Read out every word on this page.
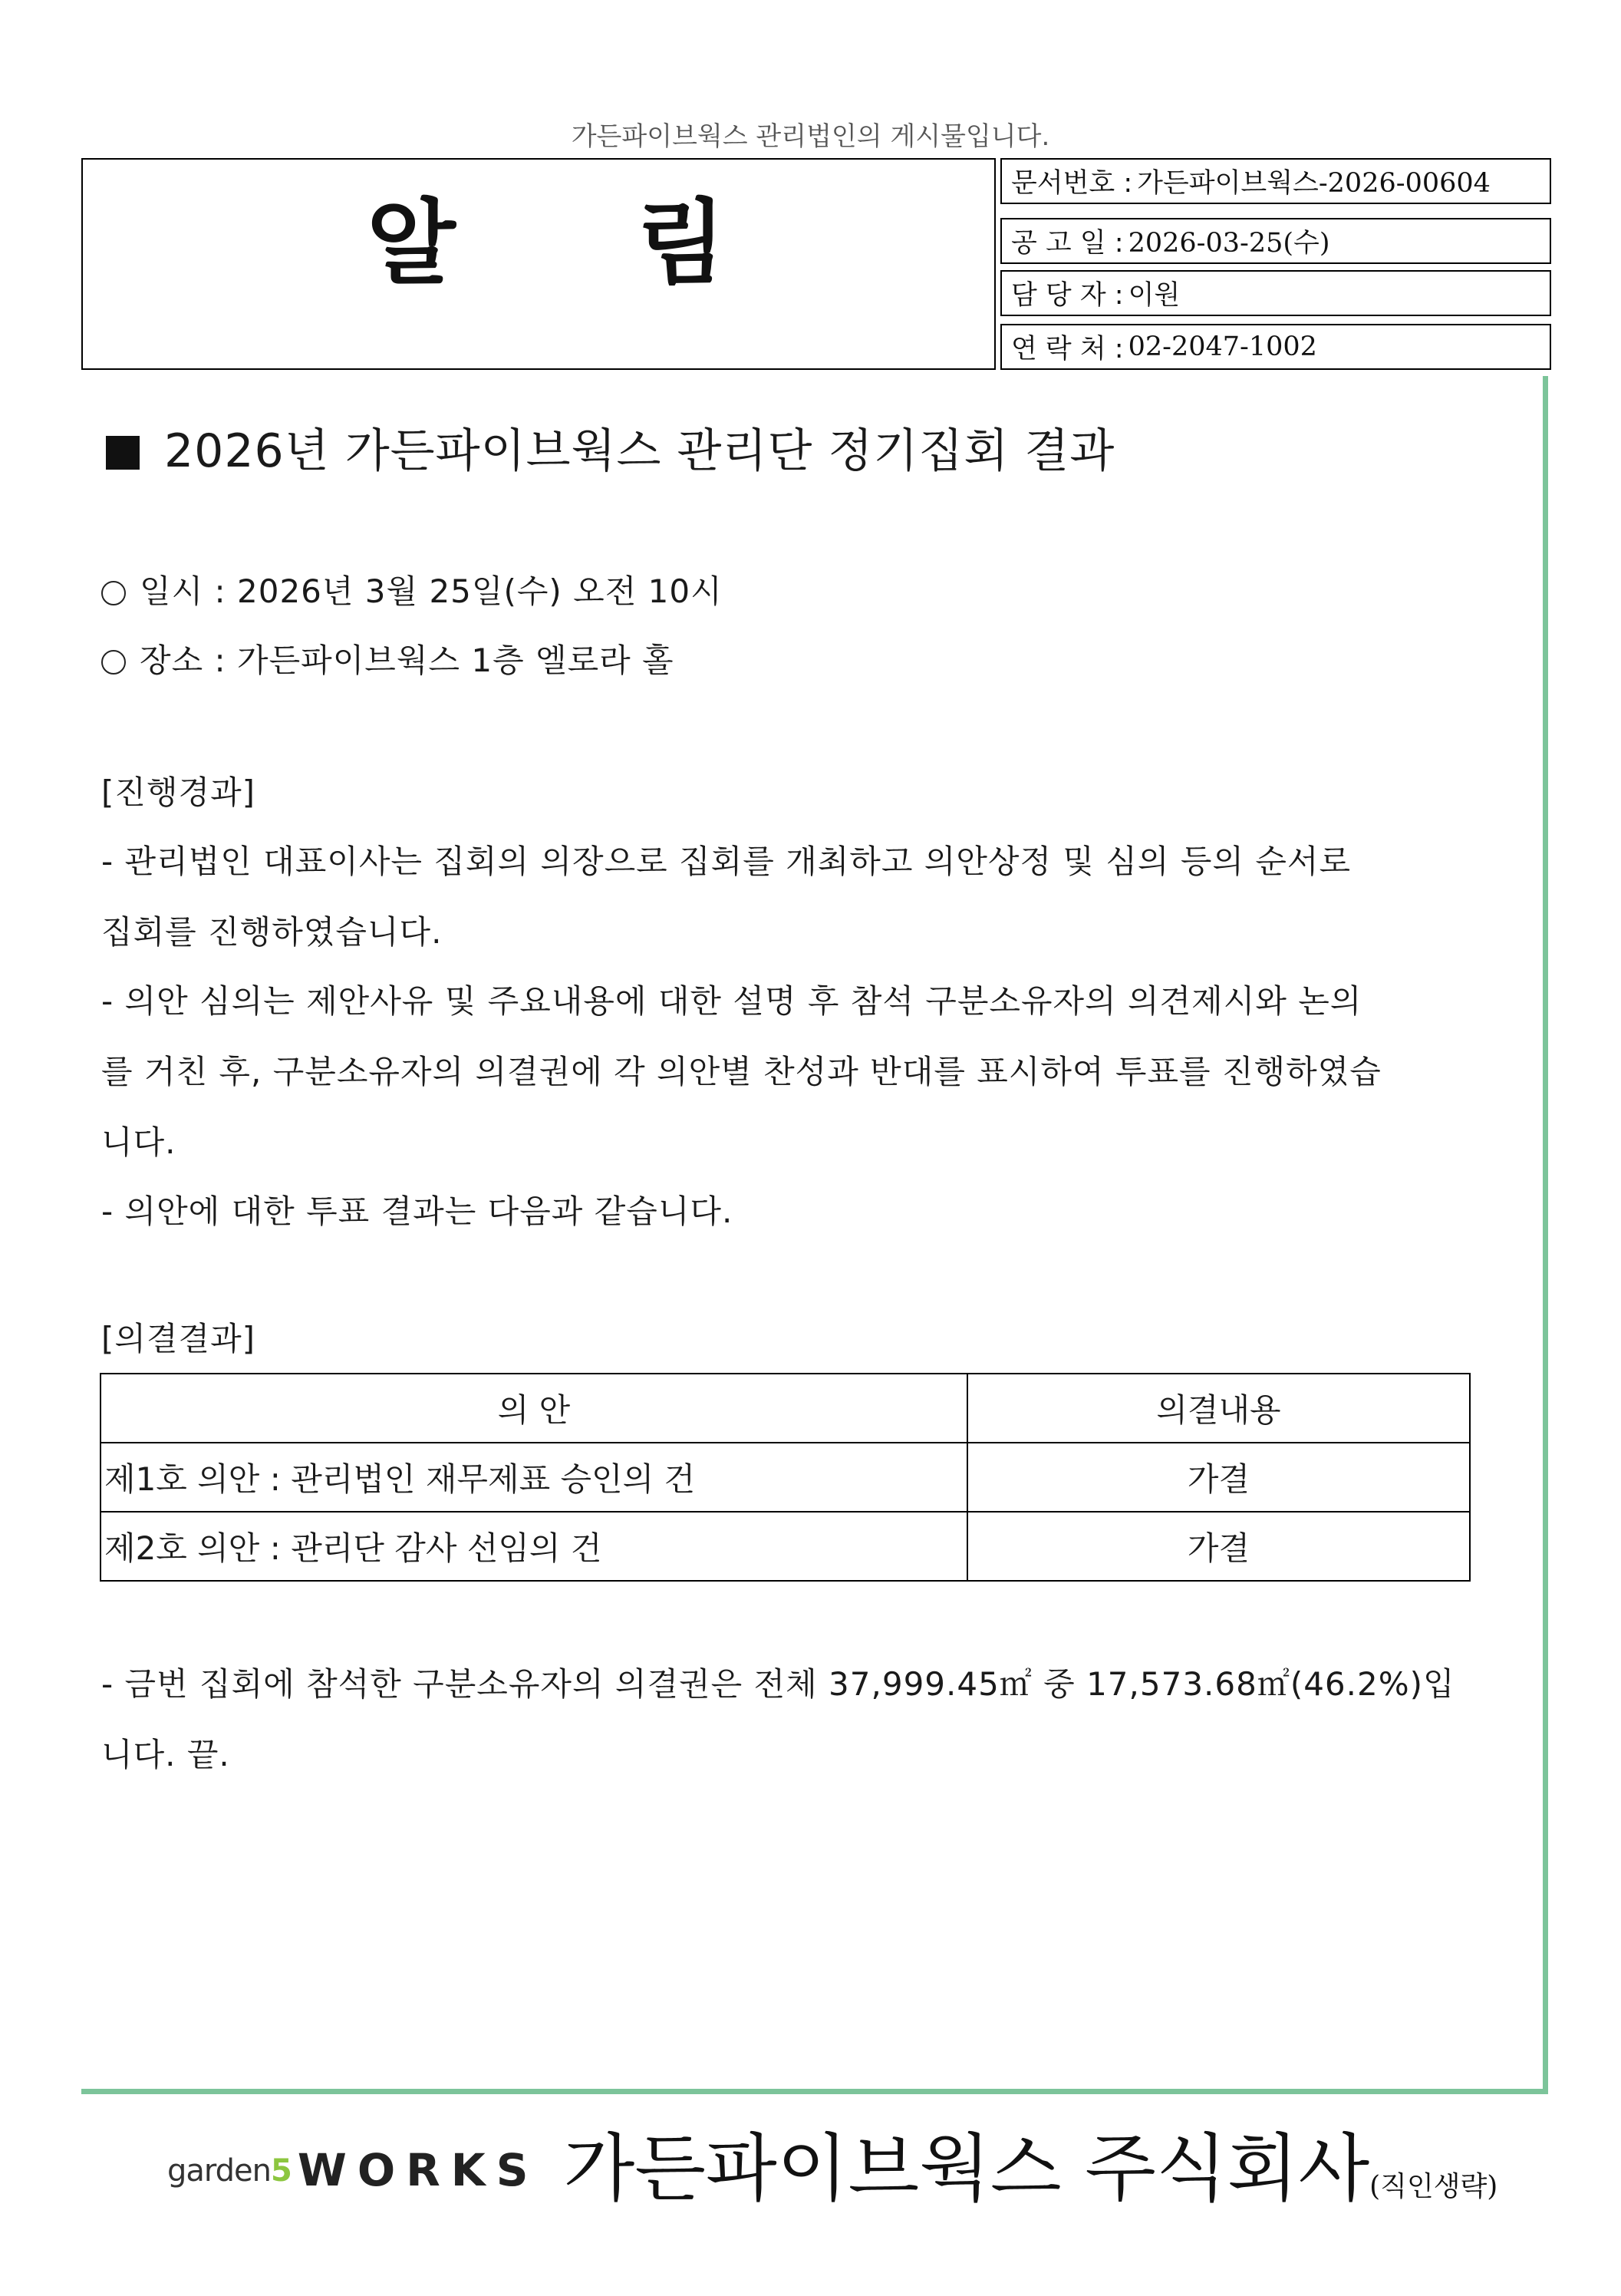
가든파이브웍스 관리법인의 게시물입니다.
알 림
문서번호 : 가든파이브웍스-2026-00604
공 고 일 : 2026-03-25(수)
담 당 자 : 이원
연 락 처 : 02-2047-1002
2026년 가든파이브웍스 관리단 정기집회 결과
일시 : 2026년 3월 25일(수) 오전 10시
장소 : 가든파이브웍스 1층 엘로라 홀
[진행경과]
- 관리법인 대표이사는 집회의 의장으로 집회를 개최하고 의안상정 및 심의 등의 순서로
집회를 진행하였습니다.
- 의안 심의는 제안사유 및 주요내용에 대한 설명 후 참석 구분소유자의 의견제시와 논의
를 거친 후, 구분소유자의 의결권에 각 의안별 찬성과 반대를 표시하여 투표를 진행하였습
니다.
- 의안에 대한 투표 결과는 다음과 같습니다.
[의결결과]
의 안	의결내용
제1호 의안 : 관리법인 재무제표 승인의 건	가결
제2호 의안 : 관리단 감사 선임의 건	가결
- 금번 집회에 참석한 구분소유자의 의결권은 전체 37,999.45㎡ 중 17,573.68㎡(46.2%)입
니다. 끝.
garden5 WORKS 가든파이브웍스 주식회사 (직인생략)
